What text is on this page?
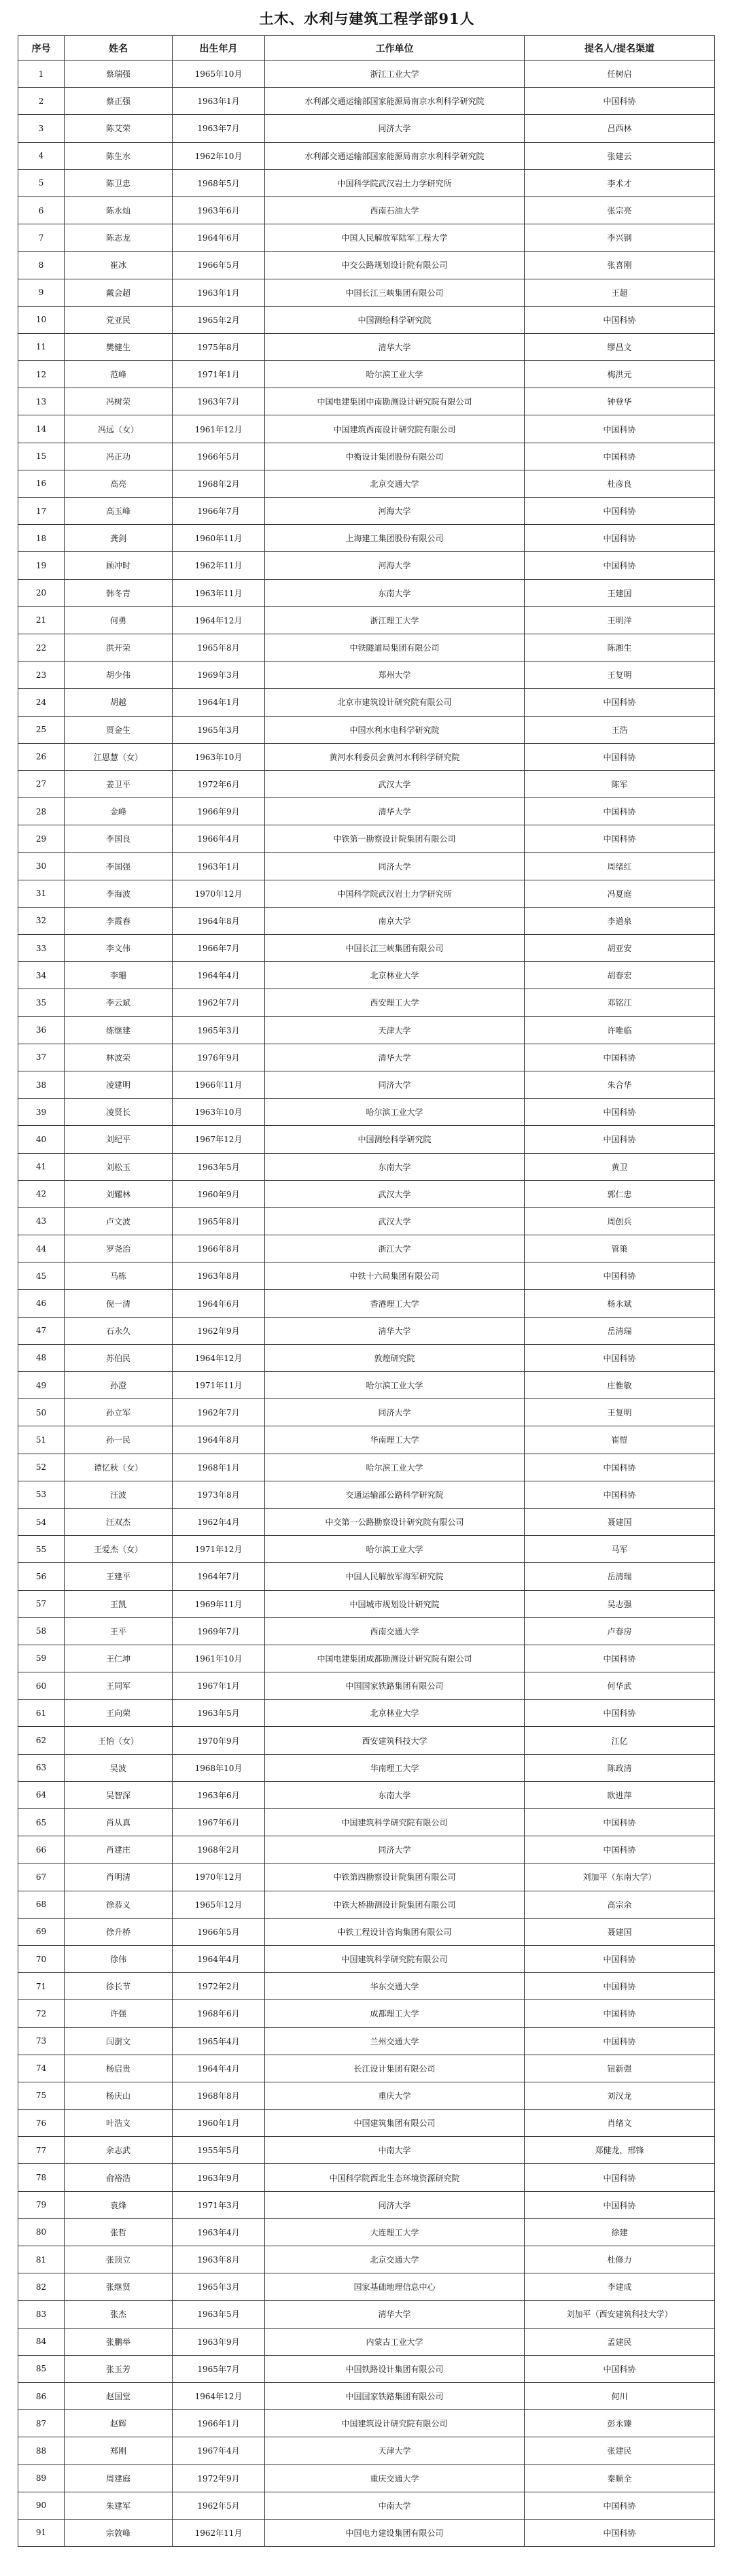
土木、水利与建筑工程学部91人
序号	姓名	出生年月	工作单位	提名人/提名渠道
1	蔡瑞强	1965年10月	浙江工业大学	任树启
2	蔡正强	1963年1月	水利部交通运输部国家能源局南京水利科学研究院	中国科协
3	陈艾荣	1963年7月	同济大学	吕西林
4	陈生水	1962年10月	水利部交通运输部国家能源局南京水利科学研究院	张建云
5	陈卫忠	1968年5月	中国科学院武汉岩土力学研究所	李术才
6	陈永灿	1963年6月	西南石油大学	张宗亮
7	陈志龙	1964年6月	中国人民解放军陆军工程大学	李兴钢
8	崔冰	1966年5月	中交公路规划设计院有限公司	张喜刚
9	戴会超	1963年1月	中国长江三峡集团有限公司	王超
10	党亚民	1965年2月	中国测绘科学研究院	中国科协
11	樊健生	1975年8月	清华大学	缪昌文
12	范峰	1971年1月	哈尔滨工业大学	梅洪元
13	冯树荣	1963年7月	中国电建集团中南勘测设计研究院有限公司	钟登华
14	冯远（女）	1961年12月	中国建筑西南设计研究院有限公司	中国科协
15	冯正功	1966年5月	中衡设计集团股份有限公司	中国科协
16	高亮	1968年2月	北京交通大学	杜彦良
17	高玉峰	1966年7月	河海大学	中国科协
18	龚剑	1960年11月	上海建工集团股份有限公司	中国科协
19	顾冲时	1962年11月	河海大学	中国科协
20	韩冬青	1963年11月	东南大学	王建国
21	何勇	1964年12月	浙江理工大学	王明洋
22	洪开荣	1965年8月	中铁隧道局集团有限公司	陈湘生
23	胡少伟	1969年3月	郑州大学	王复明
24	胡越	1964年1月	北京市建筑设计研究院有限公司	中国科协
25	贾金生	1965年3月	中国水利水电科学研究院	王浩
26	江恩慧（女）	1963年10月	黄河水利委员会黄河水利科学研究院	中国科协
27	姜卫平	1972年6月	武汉大学	陈军
28	金峰	1966年9月	清华大学	中国科协
29	李国良	1966年4月	中铁第一勘察设计院集团有限公司	中国科协
30	李国强	1963年1月	同济大学	周绪红
31	李海波	1970年12月	中国科学院武汉岩土力学研究所	冯夏庭
32	李霞春	1964年8月	南京大学	李道泉
33	李文伟	1966年7月	中国长江三峡集团有限公司	胡亚安
34	李珊	1964年4月	北京林业大学	胡春宏
35	李云斌	1962年7月	西安理工大学	邓铭江
36	练继建	1965年3月	天津大学	许唯临
37	林波荣	1976年9月	清华大学	中国科协
38	凌建明	1966年11月	同济大学	朱合华
39	凌贤长	1963年10月	哈尔滨工业大学	中国科协
40	刘纪平	1967年12月	中国测绘科学研究院	中国科协
41	刘松玉	1963年5月	东南大学	黄卫
42	刘耀林	1960年9月	武汉大学	郭仁忠
43	卢文波	1965年8月	武汉大学	周创兵
44	罗尧治	1966年8月	浙江大学	管策
45	马栋	1963年8月	中铁十六局集团有限公司	中国科协
46	倪一清	1964年6月	香港理工大学	杨永斌
47	石永久	1962年9月	清华大学	岳清瑞
48	苏伯民	1964年12月	敦煌研究院	中国科协
49	孙澄	1971年11月	哈尔滨工业大学	庄惟敏
50	孙立军	1962年7月	同济大学	王复明
51	孙一民	1964年8月	华南理工大学	崔愷
52	谭忆秋（女）	1968年1月	哈尔滨工业大学	中国科协
53	汪波	1973年8月	交通运输部公路科学研究院	中国科协
54	汪双杰	1962年4月	中交第一公路勘察设计研究院有限公司	聂建国
55	王爱杰（女）	1971年12月	哈尔滨工业大学	马军
56	王建平	1964年7月	中国人民解放军海军研究院	岳清瑞
57	王凯	1969年11月	中国城市规划设计研究院	吴志强
58	王平	1969年7月	西南交通大学	卢春房
59	王仁坤	1961年10月	中国电建集团成都勘测设计研究院有限公司	中国科协
60	王同军	1967年1月	中国国家铁路集团有限公司	何华武
61	王向荣	1963年5月	北京林业大学	中国科协
62	王怡（女）	1970年9月	西安建筑科技大学	江亿
63	吴波	1968年10月	华南理工大学	陈政清
64	吴智深	1963年6月	东南大学	欧进萍
65	肖从真	1967年6月	中国建筑科学研究院有限公司	中国科协
66	肖建庄	1968年2月	同济大学	中国科协
67	肖明清	1970年12月	中铁第四勘察设计院集团有限公司	刘加平（东南大学）
68	徐恭义	1965年12月	中铁大桥勘测设计院集团有限公司	高宗余
69	徐升桥	1966年5月	中铁工程设计咨询集团有限公司	聂建国
70	徐伟	1964年4月	中国建筑科学研究院有限公司	中国科协
71	徐长节	1972年2月	华东交通大学	中国科协
72	许强	1968年6月	成都理工大学	中国科协
73	闫澍文	1965年4月	兰州交通大学	中国科协
74	杨启贵	1964年4月	长江设计集团有限公司	钮新强
75	杨庆山	1968年8月	重庆大学	刘汉龙
76	叶浩文	1960年1月	中国建筑集团有限公司	肖绪文
77	余志武	1955年5月	中南大学	郑健龙，邢锋
78	俞裕浩	1963年9月	中国科学院西北生态环境资源研究院	中国科协
79	袁烽	1971年3月	同济大学	中国科协
80	张哲	1963年4月	大连理工大学	徐建
81	张顶立	1963年8月	北京交通大学	杜修力
82	张继贤	1965年3月	国家基础地理信息中心	李建成
83	张杰	1963年5月	清华大学	刘加平（西安建筑科技大学）
84	张鹏举	1963年9月	内蒙古工业大学	孟建民
85	张玉芳	1965年7月	中国铁路设计集团有限公司	中国科协
86	赵国堂	1964年12月	中国国家铁路集团有限公司	何川
87	赵辉	1966年1月	中国建筑设计研究院有限公司	彭永臻
88	郑刚	1967年4月	天津大学	张建民
89	周建庭	1972年9月	重庆交通大学	秦顺全
90	朱建军	1962年5月	中南大学	中国科协
91	宗敦峰	1962年11月	中国电力建设集团有限公司	中国科协
